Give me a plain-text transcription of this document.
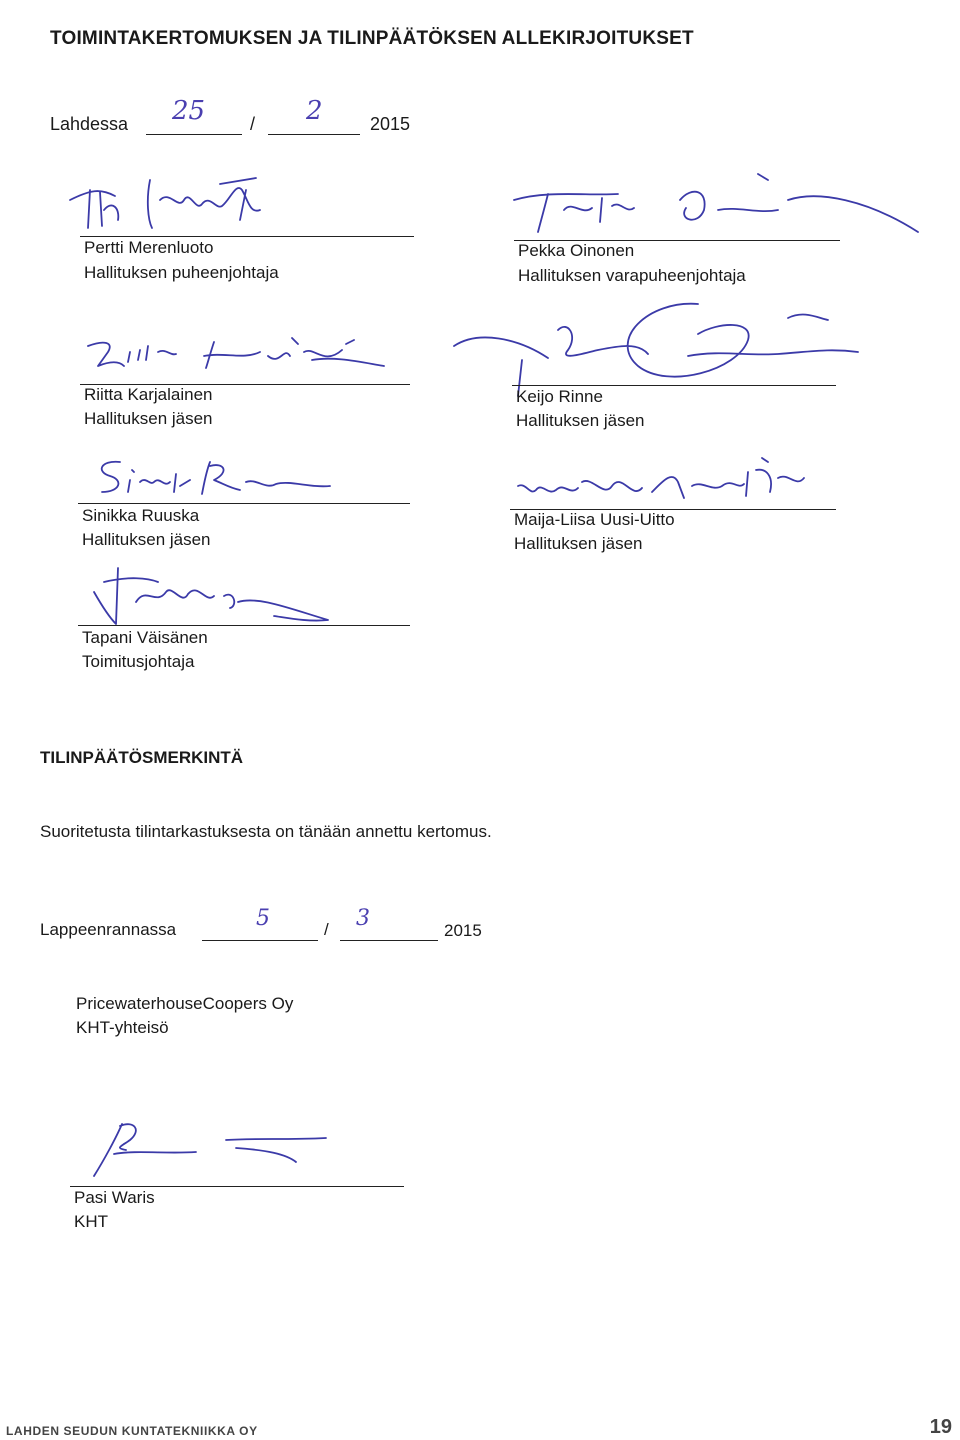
TOIMINTAKERTOMUKSEN JA TILINPÄÄTÖKSEN ALLEKIRJOITUKSET
Lahdessa 25 / 2	2015
Pertti Merenluoto
Hallituksen puheenjohtaja
Pekka Oinonen
Hallituksen varapuheenjohtaja
Riitta Karjalainen
Hallituksen jäsen
Keijo Rinne
Hallituksen jäsen
Sinikka Ruuska
Hallituksen jäsen
Maija-Liisa Uusi-Uitto
Hallituksen jäsen
Tapani Väisänen
Toimitusjohtaja
TILINPÄÄTÖSMERKINTÄ
Suoritetusta tilintarkastuksesta on tänään annettu kertomus.
Lappeenrannassa	5	/ 3	2015
PricewaterhouseCoopers Oy
KHT-yhteisö
Pasi Waris
KHT
LAHDEN SEUDUN KUNTATEKNIIKKA OY	19
